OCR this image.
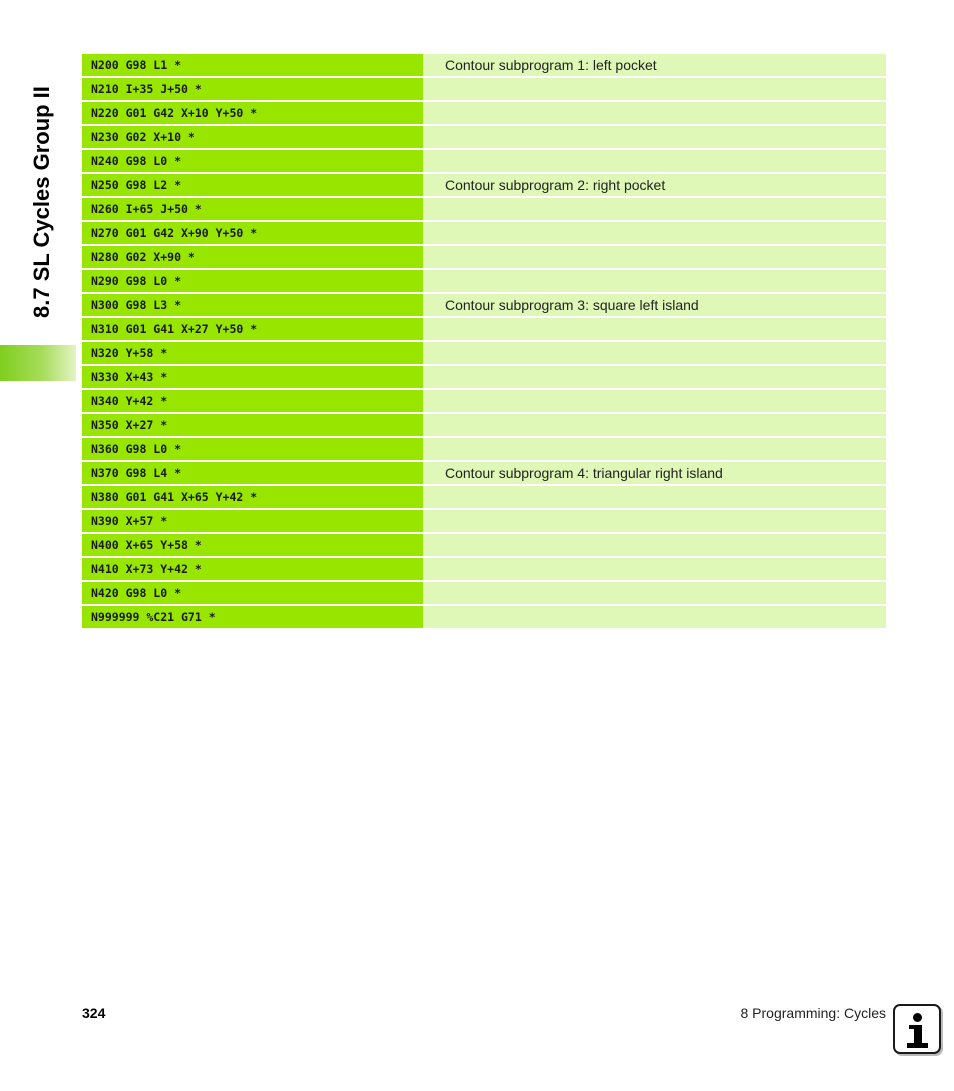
8.7 SL Cycles Group II
N200 G98 L1 *	Contour subprogram 1: left pocket
N210 I+35 J+50 *
N220 G01 G42 X+10 Y+50 *
N230 G02 X+10 *
N240 G98 L0 *
N250 G98 L2 *	Contour subprogram 2: right pocket
N260 I+65 J+50 *
N270 G01 G42 X+90 Y+50 *
N280 G02 X+90 *
N290 G98 L0 *
N300 G98 L3 *	Contour subprogram 3: square left island
N310 G01 G41 X+27 Y+50 *
N320 Y+58 *
N330 X+43 *
N340 Y+42 *
N350 X+27 *
N360 G98 L0 *
N370 G98 L4 *	Contour subprogram 4: triangular right island
N380 G01 G41 X+65 Y+42 *
N390 X+57 *
N400 X+65 Y+58 *
N410 X+73 Y+42 *
N420 G98 L0 *
N999999 %C21 G71 *
324	8 Programming: Cycles
